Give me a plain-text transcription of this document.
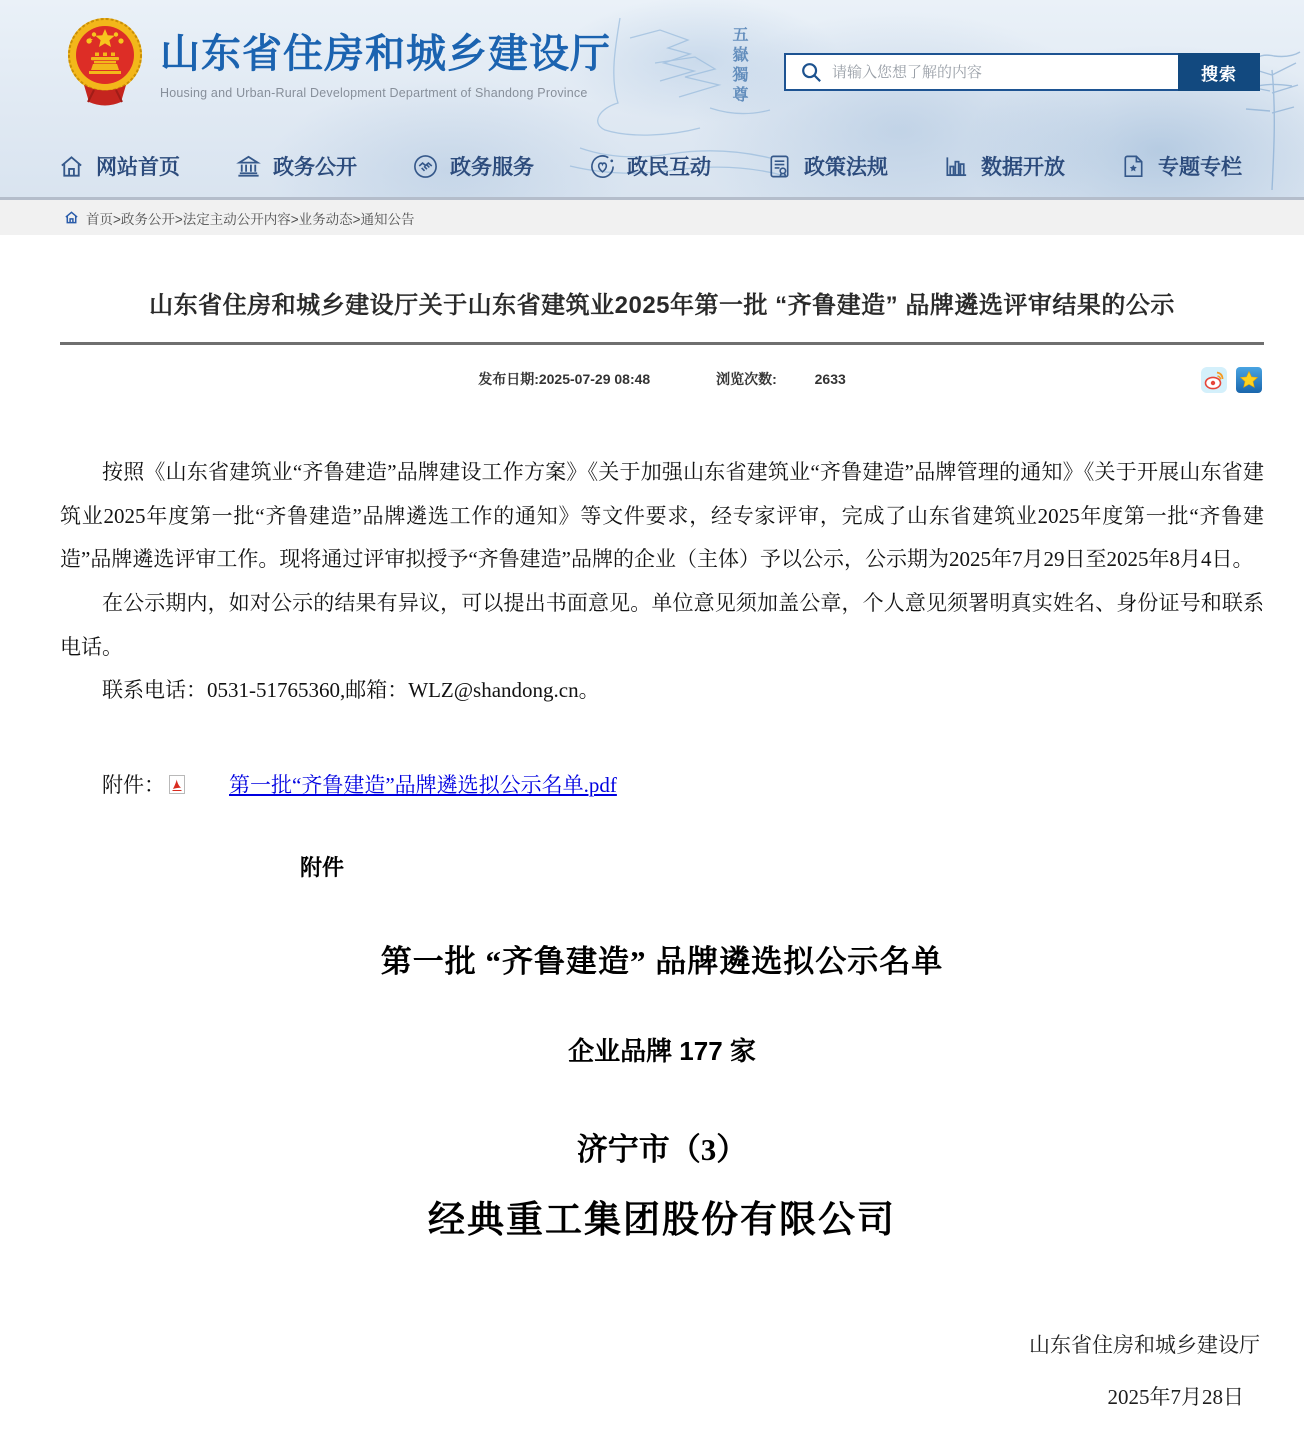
五嶽獨尊
山东省住房和城乡建设厅
Housing and Urban-Rural Development Department of Shandong Province
请输入您想了解的内容
搜索
网站首页	政务公开	政务服务	政民互动	政策法规	数据开放	专题专栏
首页>政务公开>法定主动公开内容>业务动态>通知公告
山东省住房和城乡建设厅关于山东省建筑业2025年第一批 “齐鲁建造” 品牌遴选评审结果的公示
发布日期:2025-07-29 08:48	浏览次数:	2633

按照《山东省建筑业“齐鲁建造”品牌建设工作方案》《关于加强山东省建筑业“齐鲁建造”品牌管理的通知》《关于开展山东省建筑业2025年度第一批“齐鲁建造”品牌遴选工作的通知》等文件要求，经专家评审，完成了山东省建筑业2025年度第一批“齐鲁建造”品牌遴选评审工作。现将通过评审拟授予“齐鲁建造”品牌的企业（主体）予以公示，公示期为2025年7月29日至2025年8月4日。

在公示期内，如对公示的结果有异议，可以提出书面意见。单位意见须加盖公章，个人意见须署明真实姓名、身份证号和联系电话。

联系电话：0531-51765360,邮箱：WLZ@shandong.cn。

附件：	第一批“齐鲁建造”品牌遴选拟公示名单.pdf
附件
第一批 “齐鲁建造” 品牌遴选拟公示名单
企业品牌 177 家
济宁市（3）
经典重工集团股份有限公司
山东省住房和城乡建设厅
2025年7月28日
